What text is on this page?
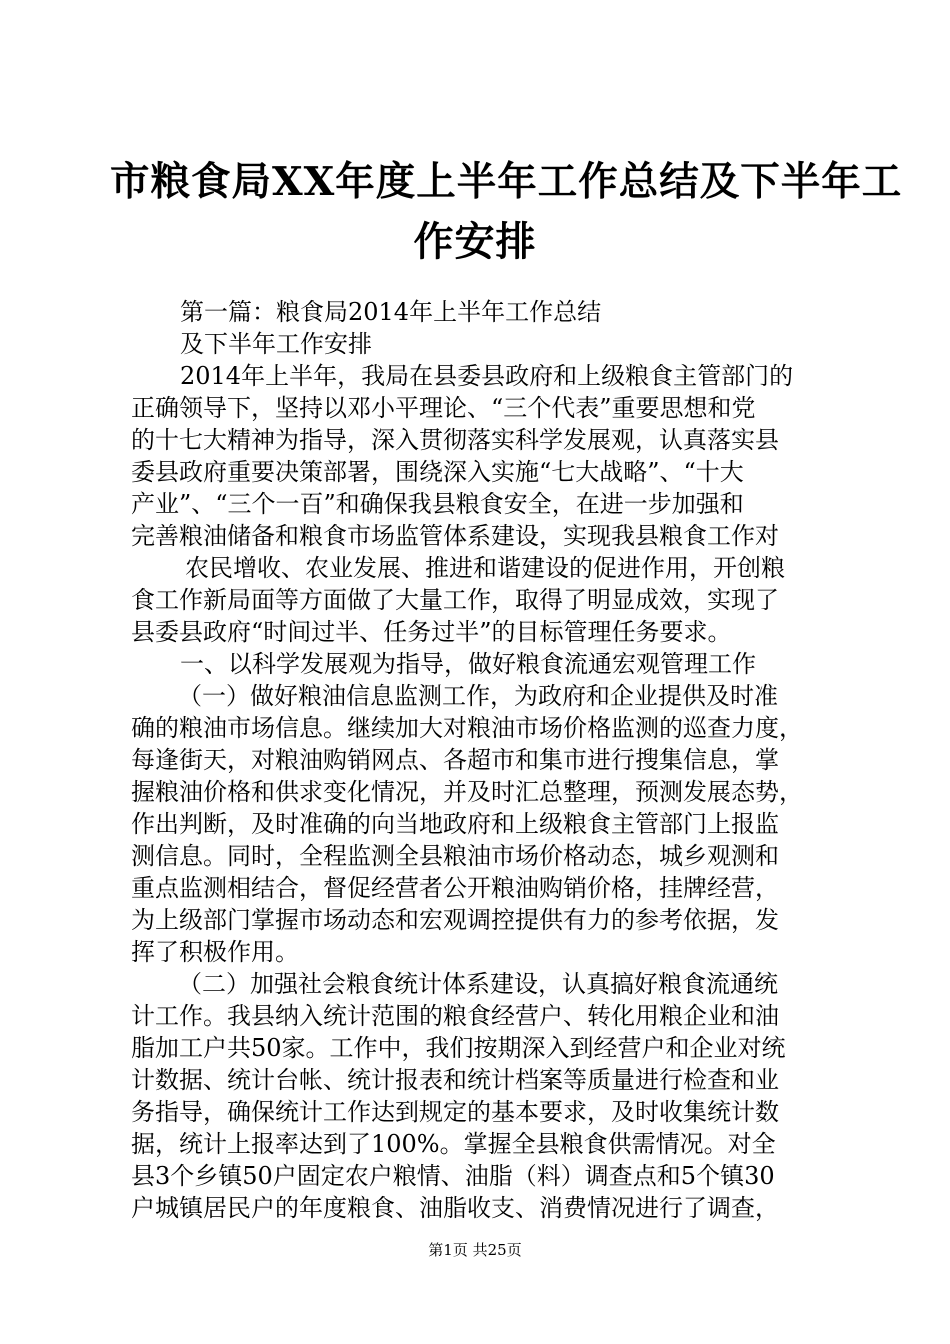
市粮食局XX年度上半年工作总结及下半年工
作安排
第一篇：粮食局2014年上半年工作总结
及下半年工作安排
2014年上半年，我局在县委县政府和上级粮食主管部门的
正确领导下，坚持以邓小平理论、“三个代表”重要思想和党
的十七大精神为指导，深入贯彻落实科学发展观，认真落实县
委县政府重要决策部署，围绕深入实施“七大战略”、“十大
产业”、“三个一百”和确保我县粮食安全，在进一步加强和
完善粮油储备和粮食市场监管体系建设，实现我县粮食工作对
农民增收、农业发展、推进和谐建设的促进作用，开创粮
食工作新局面等方面做了大量工作，取得了明显成效，实现了
县委县政府“时间过半、任务过半”的目标管理任务要求。
一、以科学发展观为指导，做好粮食流通宏观管理工作
（一）做好粮油信息监测工作，为政府和企业提供及时准
确的粮油市场信息。继续加大对粮油市场价格监测的巡查力度，
每逢街天，对粮油购销网点、各超市和集市进行搜集信息，掌
握粮油价格和供求变化情况，并及时汇总整理，预测发展态势，
作出判断，及时准确的向当地政府和上级粮食主管部门上报监
测信息。同时，全程监测全县粮油市场价格动态，城乡观测和
重点监测相结合，督促经营者公开粮油购销价格，挂牌经营，
为上级部门掌握市场动态和宏观调控提供有力的参考依据，发
挥了积极作用。
（二）加强社会粮食统计体系建设，认真搞好粮食流通统
计工作。我县纳入统计范围的粮食经营户、转化用粮企业和油
脂加工户共50家。工作中，我们按期深入到经营户和企业对统
计数据、统计台帐、统计报表和统计档案等质量进行检查和业
务指导，确保统计工作达到规定的基本要求，及时收集统计数
据，统计上报率达到了100%。掌握全县粮食供需情况。对全
县3个乡镇50户固定农户粮情、油脂（料）调查点和5个镇30
户城镇居民户的年度粮食、油脂收支、消费情况进行了调查，
第1页 共25页
